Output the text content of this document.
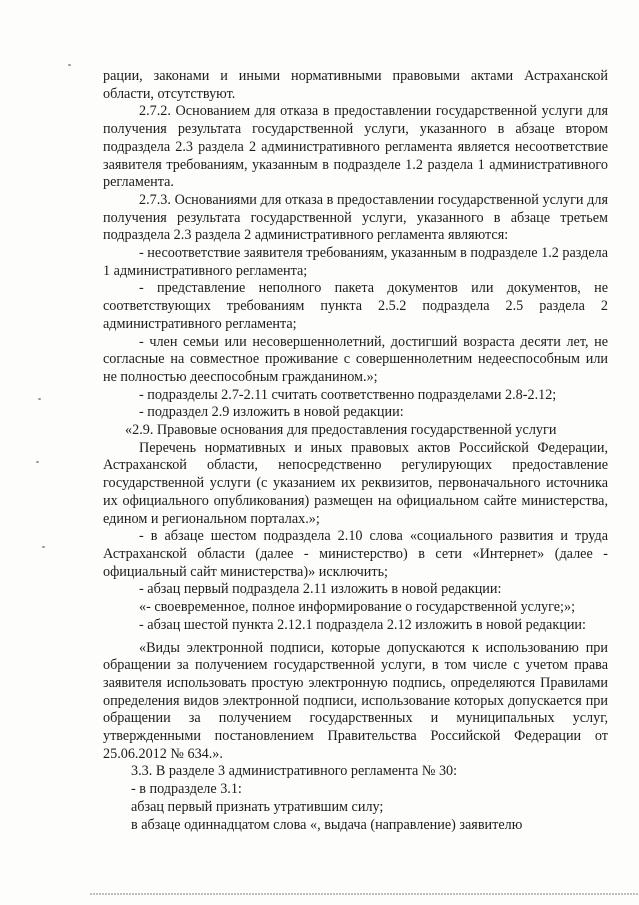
рации, законами и иными нормативными правовыми актами Астраханской области, отсутствуют.

2.7.2. Основанием для отказа в предоставлении государственной услуги для получения результата государственной услуги, указанного в абзаце втором подраздела 2.3 раздела 2 административного регламента является несоответствие заявителя требованиям, указанным в подразделе 1.2 раздела 1 административного регламента.

2.7.3. Основаниями для отказа в предоставлении государственной услуги для получения результата государственной услуги, указанного в абзаце третьем подраздела 2.3 раздела 2 административного регламента являются:

- несоответствие заявителя требованиям, указанным в подразделе 1.2 раздела 1 административного регламента;

- представление неполного пакета документов или документов, не соответствующих требованиям пункта 2.5.2 подраздела 2.5 раздела 2 административного регламента;

- член семьи или несовершеннолетний, достигший возраста десяти лет, не согласные на совместное проживание с совершеннолетним недееспособным или не полностью дееспособным гражданином.»;

- подразделы 2.7-2.11 считать соответственно подразделами 2.8-2.12;

- подраздел 2.9 изложить в новой редакции:

«2.9. Правовые основания для предоставления государственной услуги

Перечень нормативных и иных правовых актов Российской Федерации, Астраханской области, непосредственно регулирующих предоставление государственной услуги (с указанием их реквизитов, первоначального источника их официального опубликования) размещен на официальном сайте министерства, едином и региональном порталах.»;

- в абзаце шестом подраздела 2.10 слова «социального развития и труда Астраханской области (далее - министерство) в сети «Интернет» (далее - официальный сайт министерства)» исключить;

- абзац первый подраздела 2.11 изложить в новой редакции:

«- своевременное, полное информирование о государственной услуге;»;

- абзац шестой пункта 2.12.1 подраздела 2.12 изложить в новой редакции:

«Виды электронной подписи, которые допускаются к использованию при обращении за получением государственной услуги, в том числе с учетом права заявителя использовать простую электронную подпись, определяются Правилами определения видов электронной подписи, использование которых допускается при обращении за получением государственных и муниципальных услуг, утвержденными постановлением Правительства Российской Федерации от 25.06.2012 № 634.».

3.3. В разделе 3 административного регламента № 30:

- в подразделе 3.1:

абзац первый признать утратившим силу;

в абзаце одиннадцатом слова «, выдача (направление) заявителю
